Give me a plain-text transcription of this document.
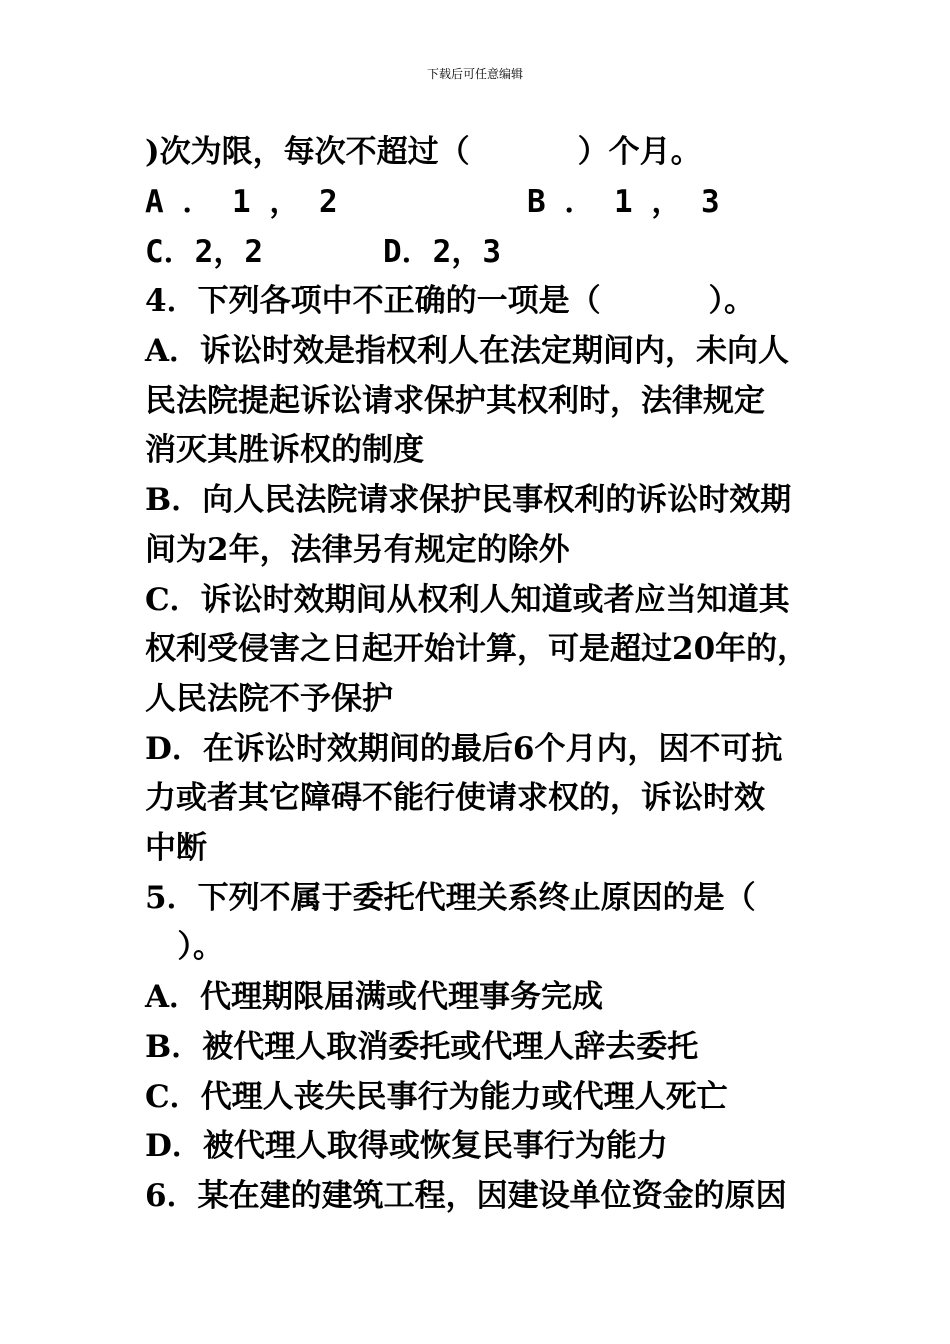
下载后可任意编辑
)次为限，每次不超过（          ）个月。
A ． 1 ， 2	B ． 1 ， 3
C．2，2	D．2，3
4．下列各项中不正确的一项是（          ）。
A．诉讼时效是指权利人在法定期间内，未向人
民法院提起诉讼请求保护其权利时，法律规定
消灭其胜诉权的制度
B．向人民法院请求保护民事权利的诉讼时效期
间为2年，法律另有规定的除外
C．诉讼时效期间从权利人知道或者应当知道其
权利受侵害之日起开始计算，可是超过20年的，
人民法院不予保护
D．在诉讼时效期间的最后6个月内，因不可抗
力或者其它障碍不能行使请求权的，诉讼时效
中断
5．下列不属于委托代理关系终止原因的是（
）。
A．代理期限届满或代理事务完成
B．被代理人取消委托或代理人辞去委托
C．代理人丧失民事行为能力或代理人死亡
D．被代理人取得或恢复民事行为能力
6．某在建的建筑工程，因建设单位资金的原因
